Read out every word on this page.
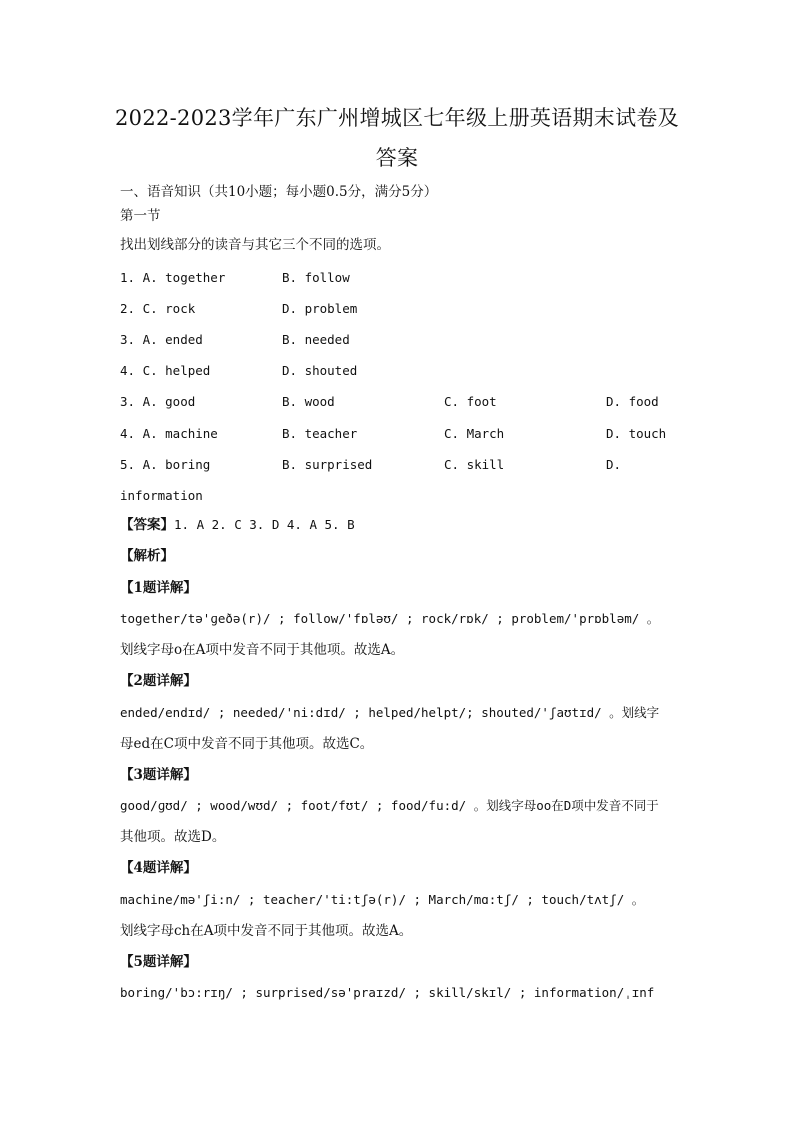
2022-2023学年广东广州增城区七年级上册英语期末试卷及
答案
一、语音知识（共10小题；每小题0.5分，满分5分）
第一节
找出划线部分的读音与其它三个不同的选项。
1. A. together	B. follow
2. C. rock	D. problem
3. A. ended	B. needed
4. C. helped	D. shouted
3. A. good	B. wood	C. foot	D. food
4. A. machine	B. teacher	C. March	D. touch
5. A. boring	B. surprised	C. skill	D.
information
【答案】1. A 2. C 3. D 4. A 5. B
【解析】
【1题详解】
together/tə'ɡeðə(r)/ ; follow/'fɒləʊ/ ; rock/rɒk/ ; problem/'prɒbləm/ 。
划线字母o在A项中发音不同于其他项。故选A。
【2题详解】
ended/endɪd/ ; needed/'ni:dɪd/ ; helped/helpt/; shouted/'ʃaʊtɪd/ 。划线字
母ed在C项中发音不同于其他项。故选C。
【3题详解】
good/ɡʊd/ ; wood/wʊd/ ; foot/fʊt/ ; food/fu:d/ 。划线字母oo在D项中发音不同于
其他项。故选D。
【4题详解】
machine/mə'ʃi:n/ ; teacher/'ti:tʃə(r)/ ; March/mɑ:tʃ/ ; touch/tʌtʃ/ 。
划线字母ch在A项中发音不同于其他项。故选A。
【5题详解】
boring/'bɔ:rɪŋ/ ; surprised/sə'praɪzd/ ; skill/skɪl/ ; information/ˌɪnf
